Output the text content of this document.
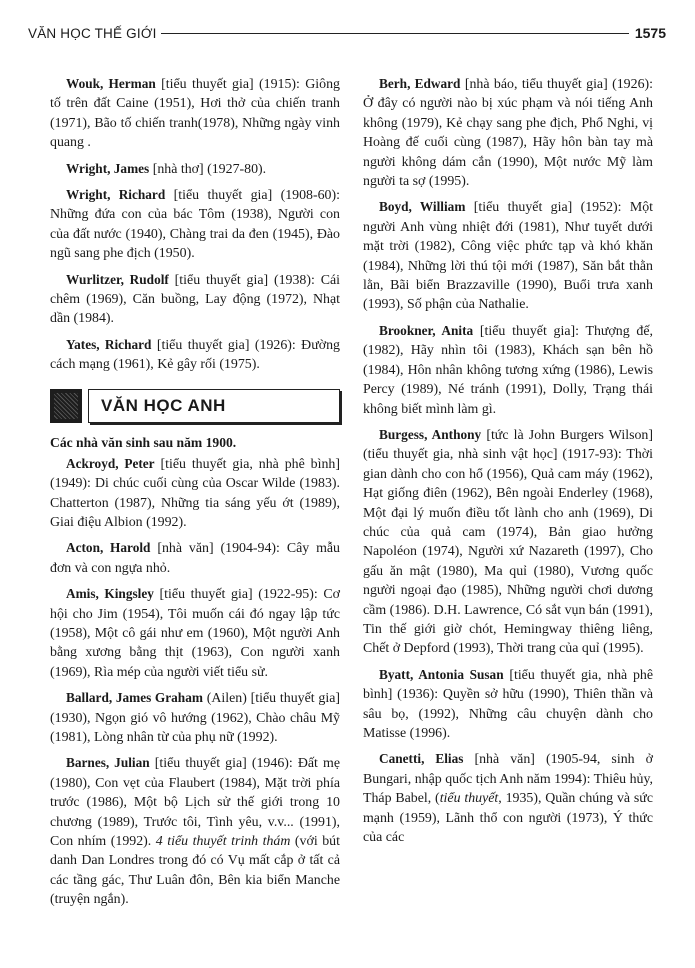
VĂN HỌC THẾ GIỚI	1575

Wouk, Herman [tiểu thuyết gia] (1915): Giông tố trên đất Caine (1951), Hơi thở của chiến tranh (1971), Bão tố chiến tranh(1978), Những ngày vinh quang .

Wright, James [nhà thơ] (1927-80).

Wright, Richard [tiểu thuyết gia] (1908-60): Những đứa con của bác Tôm (1938), Người con của đất nước (1940), Chàng trai da đen (1945), Đào ngũ sang phe địch (1950).

Wurlitzer, Rudolf [tiểu thuyết gia] (1938): Cái chêm (1969), Căn buồng, Lay động (1972), Nhạt dần (1984).

Yates, Richard [tiểu thuyết gia] (1926): Đường cách mạng (1961), Kẻ gây rối (1975).

VĂN HỌC ANH
Các nhà văn sinh sau năm 1900.

Ackroyd, Peter [tiểu thuyết gia, nhà phê bình] (1949): Di chúc cuối cùng của Oscar Wilde (1983). Chatterton (1987), Những tia sáng yếu ớt (1989), Giai điệu Albion (1992).

Acton, Harold [nhà văn] (1904-94): Cây mẫu đơn và con ngựa nhỏ.

Amis, Kingsley [tiểu thuyết gia] (1922-95): Cơ hội cho Jim (1954), Tôi muốn cái đó ngay lập tức (1958), Một cô gái như em (1960), Một người Anh bằng xương bằng thịt (1963), Con người xanh (1969), Rìa mép của người viết tiểu sử.

Ballard, James Graham (Ailen) [tiểu thuyết gia] (1930), Ngọn gió vô hướng (1962), Chào châu Mỹ (1981), Lòng nhân từ của phụ nữ (1992).

Barnes, Julian [tiểu thuyết gia] (1946): Đất mẹ (1980), Con vẹt của Flaubert (1984), Mặt trời phía trước (1986), Một bộ Lịch sử thế giới trong 10 chương (1989), Trước tôi, Tình yêu, v.v... (1991), Con nhím (1992). 4 tiểu thuyết trinh thám (với bút danh Dan Londres trong đó có Vụ mất cắp ở tất cả các tầng gác, Thư Luân đôn, Bên kia biển Manche (truyện ngắn).

Berh, Edward [nhà báo, tiểu thuyết gia] (1926): Ở đây có người nào bị xúc phạm và nói tiếng Anh không (1979), Kẻ chạy sang phe địch, Phổ Nghi, vị Hoàng đế cuối cùng (1987), Hãy hôn bàn tay mà người không dám cắn (1990), Một nước Mỹ làm người ta sợ (1995).

Boyd, William [tiểu thuyết gia] (1952): Một người Anh vùng nhiệt đới (1981), Như tuyết dưới mặt trời (1982), Công việc phức tạp và khó khăn (1984), Những lời thú tội mới (1987), Săn bắt thằn lằn, Bãi biển Brazzaville (1990), Buổi trưa xanh (1993), Số phận của Nathalie.

Brookner, Anita [tiểu thuyết gia]: Thượng đế, (1982), Hãy nhìn tôi (1983), Khách sạn bên hồ (1984), Hôn nhân không tương xứng (1986), Lewis Percy (1989), Né tránh (1991), Dolly, Trạng thái không biết mình làm gì.

Burgess, Anthony [tức là John Burgers Wilson] (tiểu thuyết gia, nhà sinh vật học] (1917-93): Thời gian dành cho con hổ (1956), Quả cam máy (1962), Hạt giống điên (1962), Bên ngoài Enderley (1968), Một đại lý muốn điều tốt lành cho anh (1969), Di chúc của quả cam (1974), Bản giao hưởng Napoléon (1974), Người xứ Nazareth (1997), Cho gấu ăn mật (1980), Ma quỉ (1980), Vương quốc người ngoại đạo (1985), Những người chơi dương cầm (1986). D.H. Lawrence, Có sắt vụn bán (1991), Tin thế giới giờ chót, Hemingway thiêng liêng, Chết ở Depford (1993), Thời trang của quỉ (1995).

Byatt, Antonia Susan [tiểu thuyết gia, nhà phê bình] (1936): Quyền sở hữu (1990), Thiên thần và sâu bọ, (1992), Những câu chuyện dành cho Matisse (1996).

Canetti, Elias [nhà văn] (1905-94, sinh ở Bungari, nhập quốc tịch Anh năm 1994): Thiêu hủy, Tháp Babel, (tiểu thuyết, 1935), Quần chúng và sức mạnh (1959), Lãnh thổ con người (1973), Ý thức của các
